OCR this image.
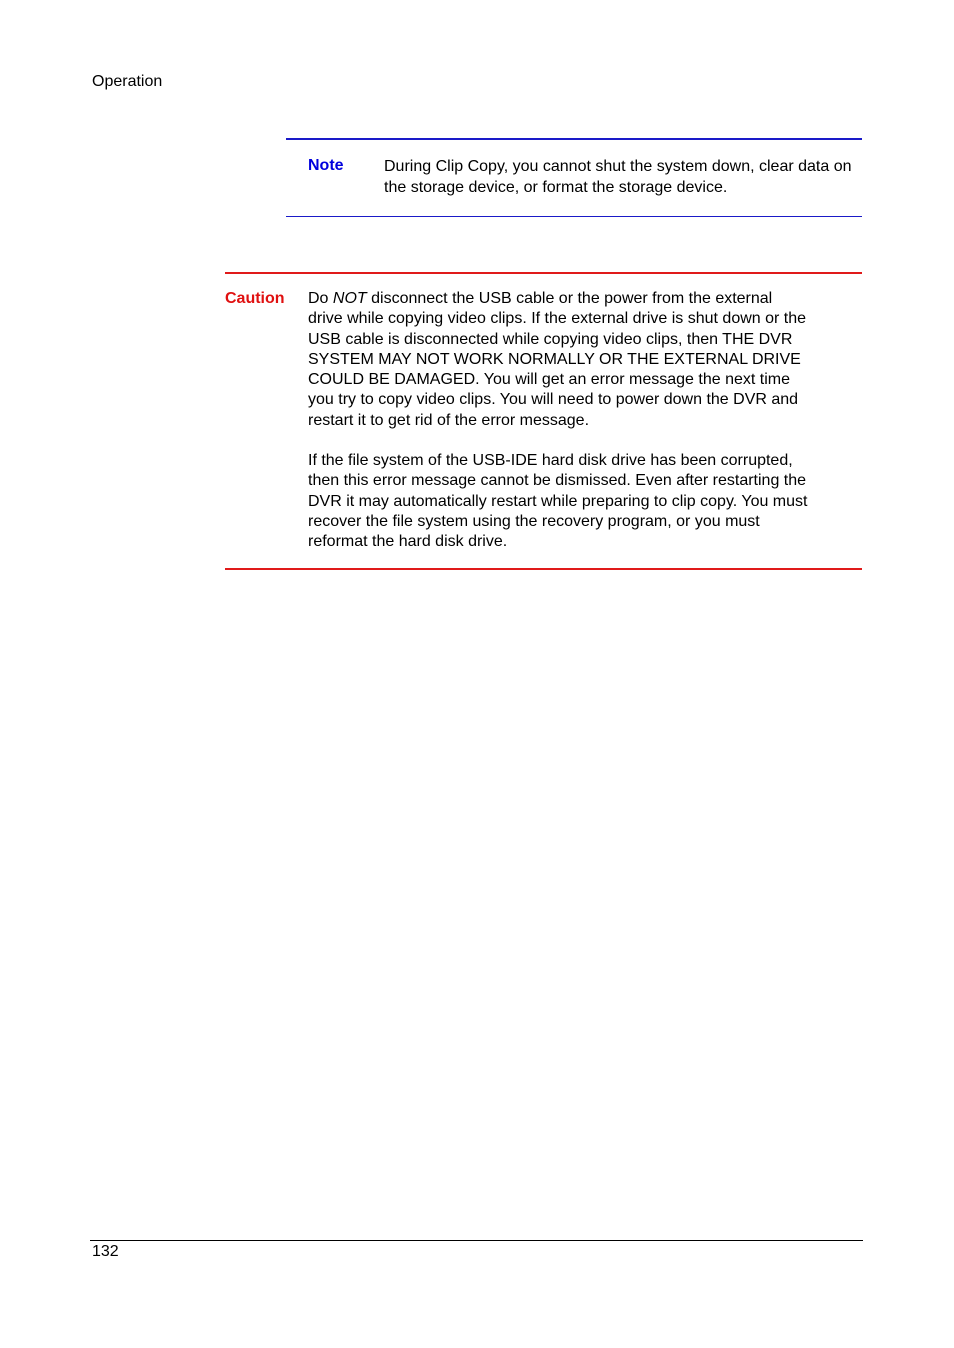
Operation
Note	During Clip Copy, you cannot shut the system down, clear data on the storage device, or format the storage device.
Caution Do NOT disconnect the USB cable or the power from the external drive while copying video clips. If the external drive is shut down or the USB cable is disconnected while copying video clips, then THE DVR SYSTEM MAY NOT WORK NORMALLY OR THE EXTERNAL DRIVE COULD BE DAMAGED. You will get an error message the next time you try to copy video clips. You will need to power down the DVR and restart it to get rid of the error message.

If the file system of the USB-IDE hard disk drive has been corrupted, then this error message cannot be dismissed. Even after restarting the DVR it may automatically restart while preparing to clip copy. You must recover the file system using the recovery program, or you must reformat the hard disk drive.

132
